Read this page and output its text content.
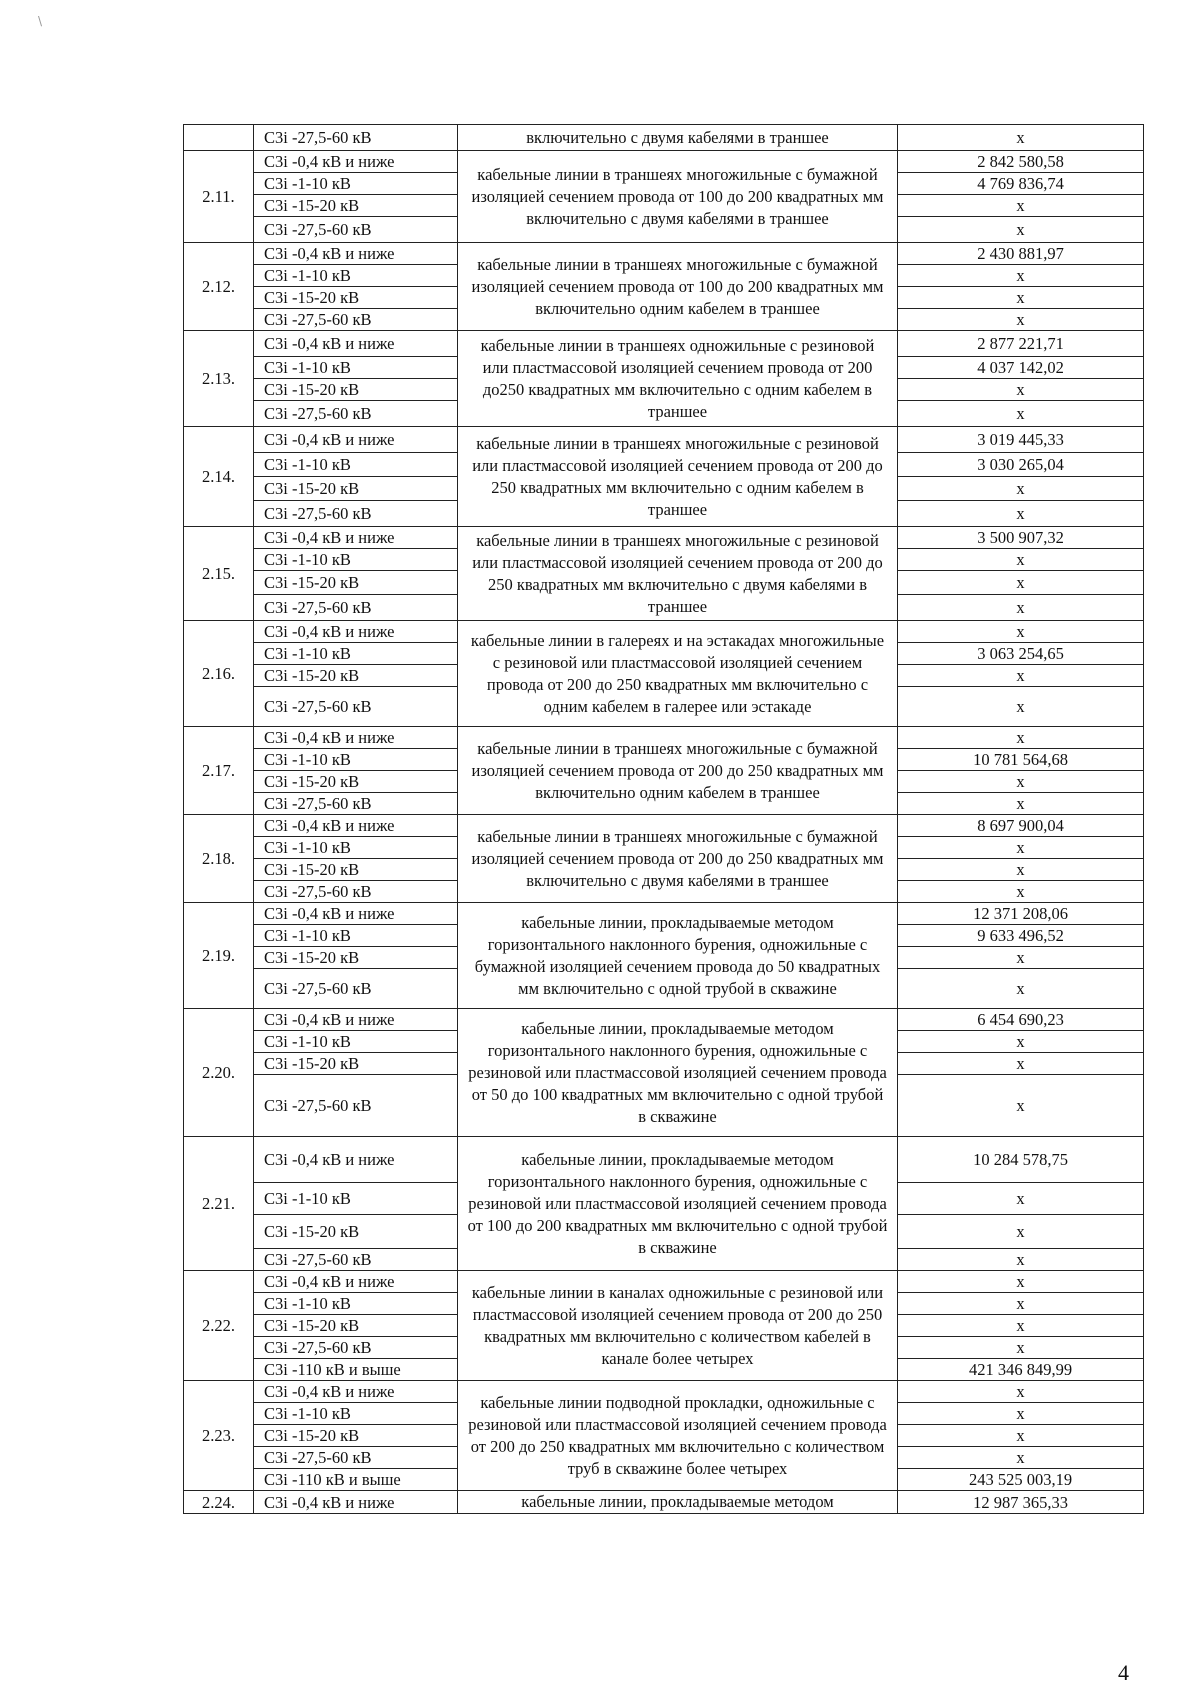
	С3i -27,5-60 кВ	включительно с двумя кабелями в траншее	х
2.11.	С3i -0,4 кВ и ниже	кабельные линии в траншеях многожильные с бумажной изоляцией сечением провода от 100 до 200 квадратных мм включительно с двумя кабелями в траншее	2 842 580,58
	С3i -1-10 кВ		4 769 836,74
	С3i -15-20 кВ		х
	С3i -27,5-60 кВ		х
2.12.	С3i -0,4 кВ и ниже	кабельные линии в траншеях многожильные с бумажной изоляцией сечением провода от 100 до 200 квадратных мм включительно одним кабелем в траншее	2 430 881,97
	С3i -1-10 кВ		х
	С3i -15-20 кВ		х
	С3i -27,5-60 кВ		х
2.13.	С3i -0,4 кВ и ниже	кабельные линии в траншеях одножильные с резиновой или пластмассовой изоляцией сечением провода от 200 до250 квадратных мм включительно с одним кабелем в траншее	2 877 221,71
	С3i -1-10 кВ		4 037 142,02
	С3i -15-20 кВ		х
	С3i -27,5-60 кВ		х
2.14.	С3i -0,4 кВ и ниже	кабельные линии в траншеях многожильные с резиновой или пластмассовой изоляцией сечением провода от 200 до 250 квадратных мм включительно с одним кабелем в траншее	3 019 445,33
	С3i -1-10 кВ		3 030 265,04
	С3i -15-20 кВ		х
	С3i -27,5-60 кВ		х
2.15.	С3i -0,4 кВ и ниже	кабельные линии в траншеях многожильные с резиновой или пластмассовой изоляцией сечением провода от 200 до 250 квадратных мм включительно с двумя кабелями в траншее	3 500 907,32
	С3i -1-10 кВ		х
	С3i -15-20 кВ		х
	С3i -27,5-60 кВ		х
2.16.	С3i -0,4 кВ и ниже	кабельные линии в галереях и на эстакадах многожильные с резиновой или пластмассовой изоляцией сечением провода от 200 до 250 квадратных мм включительно с одним кабелем в галерее или эстакаде	х
	С3i -1-10 кВ		3 063 254,65
	С3i -15-20 кВ		х
	С3i -27,5-60 кВ		х
2.17.	С3i -0,4 кВ и ниже	кабельные линии в траншеях многожильные с бумажной изоляцией сечением провода от 200 до 250 квадратных мм включительно одним кабелем в траншее	х
	С3i -1-10 кВ		10 781 564,68
	С3i -15-20 кВ		х
	С3i -27,5-60 кВ		х
2.18.	С3i -0,4 кВ и ниже	кабельные линии в траншеях многожильные с бумажной изоляцией сечением провода от 200 до 250 квадратных мм включительно с двумя кабелями в траншее	8 697 900,04
	С3i -1-10 кВ		х
	С3i -15-20 кВ		х
	С3i -27,5-60 кВ		х
2.19.	С3i -0,4 кВ и ниже	кабельные линии, прокладываемые методом горизонтального наклонного бурения, одножильные с бумажной изоляцией сечением провода до 50 квадратных мм включительно с одной трубой в скважине	12 371 208,06
	С3i -1-10 кВ		9 633 496,52
	С3i -15-20 кВ		х
	С3i -27,5-60 кВ		х
2.20.	С3i -0,4 кВ и ниже	кабельные линии, прокладываемые методом горизонтального наклонного бурения, одножильные с резиновой или пластмассовой изоляцией сечением провода от 50 до 100 квадратных мм включительно с одной трубой в скважине	6 454 690,23
	С3i -1-10 кВ		х
	С3i -15-20 кВ		х
	С3i -27,5-60 кВ		х
2.21.	С3i -0,4 кВ и ниже	кабельные линии, прокладываемые методом горизонтального наклонного бурения, одножильные с резиновой или пластмассовой изоляцией сечением провода от 100 до 200 квадратных мм включительно с одной трубой в скважине	10 284 578,75
	С3i -1-10 кВ		х
	С3i -15-20 кВ		х
	С3i -27,5-60 кВ		х
2.22.	С3i -0,4 кВ и ниже	кабельные линии в каналах одножильные с резиновой или пластмассовой изоляцией сечением провода от 200 до 250 квадратных мм включительно с количеством кабелей в канале более четырех	х
	С3i -1-10 кВ		х
	С3i -15-20 кВ		х
	С3i -27,5-60 кВ		х
	С3i -110 кВ и выше		421 346 849,99
2.23.	С3i -0,4 кВ и ниже	кабельные линии подводной прокладки, одножильные с резиновой или пластмассовой изоляцией сечением провода от 200 до 250 квадратных мм включительно с количеством труб в скважине более четырех	х
	С3i -1-10 кВ		х
	С3i -15-20 кВ		х
	С3i -27,5-60 кВ		х
	С3i -110 кВ и выше		243 525 003,19
2.24.	С3i -0,4 кВ и ниже	кабельные линии, прокладываемые методом	12 987 365,33
4
\
